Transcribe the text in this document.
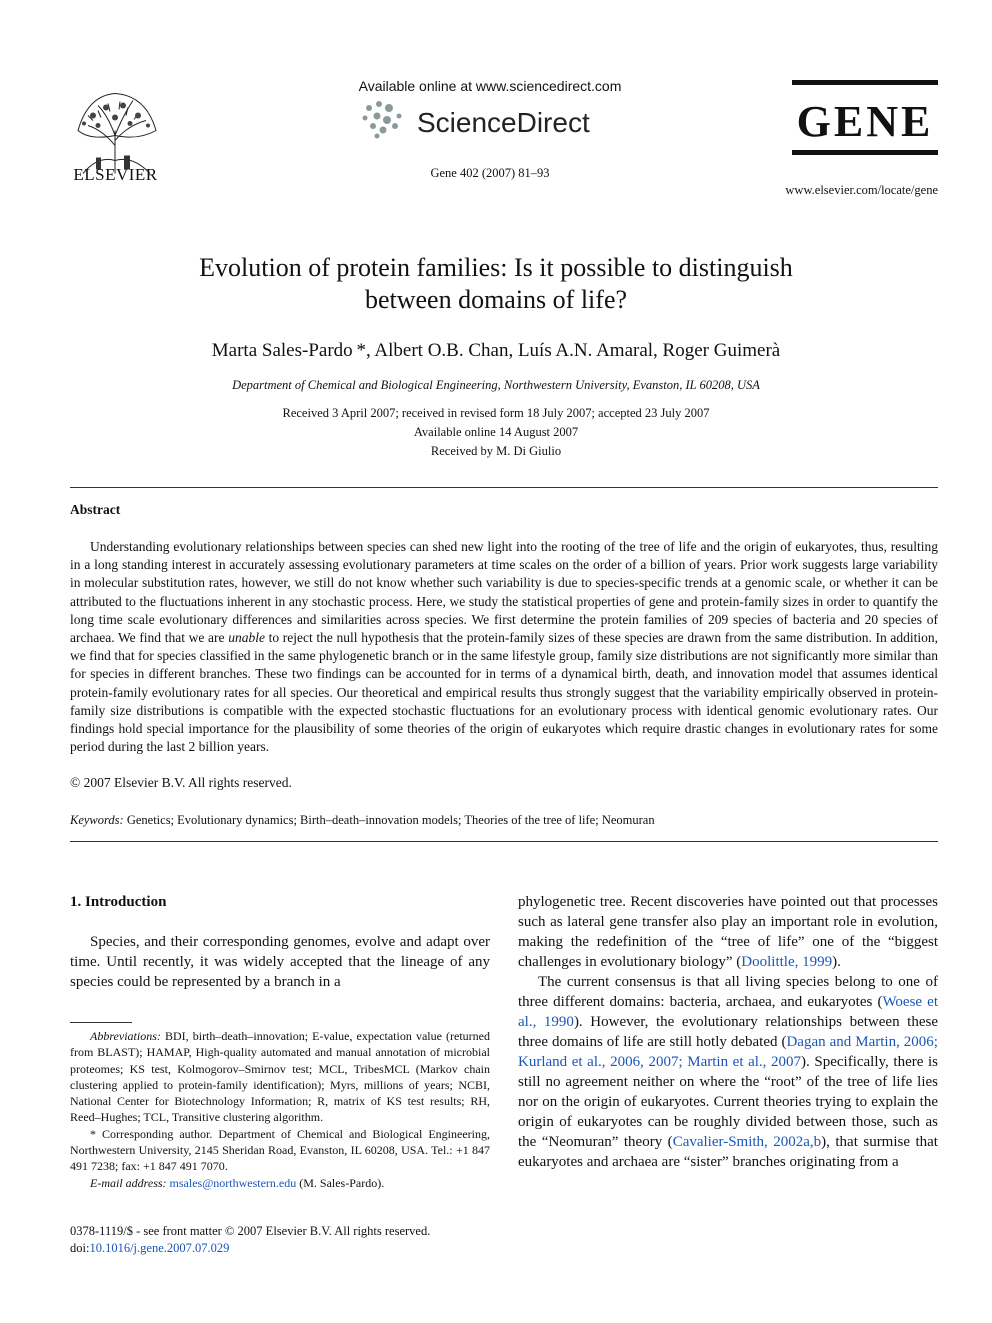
ELSEVIER
Available online at www.sciencedirect.com
ScienceDirect
Gene 402 (2007) 81–93
GENE
www.elsevier.com/locate/gene
Evolution of protein families: Is it possible to distinguish
between domains of life?
Marta Sales-Pardo *, Albert O.B. Chan, Luís A.N. Amaral, Roger Guimerà
Department of Chemical and Biological Engineering, Northwestern University, Evanston, IL 60208, USA
Received 3 April 2007; received in revised form 18 July 2007; accepted 23 July 2007
Available online 14 August 2007
Received by M. Di Giulio
Abstract
Understanding evolutionary relationships between species can shed new light into the rooting of the tree of life and the origin of eukaryotes, thus, resulting in a long standing interest in accurately assessing evolutionary parameters at time scales on the order of a billion of years. Prior work suggests large variability in molecular substitution rates, however, we still do not know whether such variability is due to species-specific trends at a genomic scale, or whether it can be attributed to the fluctuations inherent in any stochastic process. Here, we study the statistical properties of gene and protein-family sizes in order to quantify the long time scale evolutionary differences and similarities across species. We first determine the protein families of 209 species of bacteria and 20 species of archaea. We find that we are unable to reject the null hypothesis that the protein-family sizes of these species are drawn from the same distribution. In addition, we find that for species classified in the same phylogenetic branch or in the same lifestyle group, family size distributions are not significantly more similar than for species in different branches. These two findings can be accounted for in terms of a dynamical birth, death, and innovation model that assumes identical protein-family evolutionary rates for all species. Our theoretical and empirical results thus strongly suggest that the variability empirically observed in protein-family size distributions is compatible with the expected stochastic fluctuations for an evolutionary process with identical genomic evolutionary rates. Our findings hold special importance for the plausibility of some theories of the origin of eukaryotes which require drastic changes in evolutionary rates for some period during the last 2 billion years.
© 2007 Elsevier B.V. All rights reserved.
Keywords: Genetics; Evolutionary dynamics; Birth–death–innovation models; Theories of the tree of life; Neomuran
1. Introduction
Species, and their corresponding genomes, evolve and adapt over time. Until recently, it was widely accepted that the lineage of any species could be represented by a branch in a

phylogenetic tree. Recent discoveries have pointed out that processes such as lateral gene transfer also play an important role in evolution, making the redefinition of the “tree of life” one of the “biggest challenges in evolutionary biology” (Doolittle, 1999).

The current consensus is that all living species belong to one of three different domains: bacteria, archaea, and eukaryotes (Woese et al., 1990). However, the evolutionary relationships between these three domains of life are still hotly debated (Dagan and Martin, 2006; Kurland et al., 2006, 2007; Martin et al., 2007). Specifically, there is still no agreement neither on where the “root” of the tree of life lies nor on the origin of eukaryotes. Current theories trying to explain the origin of eukaryotes can be roughly divided between those, such as the “Neomuran” theory (Cavalier-Smith, 2002a,b), that surmise that eukaryotes and archaea are “sister” branches originating from a

Abbreviations: BDI, birth–death–innovation; E-value, expectation value (returned from BLAST); HAMAP, High-quality automated and manual annotation of microbial proteomes; KS test, Kolmogorov–Smirnov test; MCL, TribesMCL (Markov chain clustering applied to protein-family identification); Myrs, millions of years; NCBI, National Center for Biotechnology Information; R, matrix of KS test results; RH, Reed–Hughes; TCL, Transitive clustering algorithm.

* Corresponding author. Department of Chemical and Biological Engineering, Northwestern University, 2145 Sheridan Road, Evanston, IL 60208, USA. Tel.: +1 847 491 7238; fax: +1 847 491 7070.

E-mail address: msales@northwestern.edu (M. Sales-Pardo).

0378-1119/$ - see front matter © 2007 Elsevier B.V. All rights reserved.
doi:10.1016/j.gene.2007.07.029
